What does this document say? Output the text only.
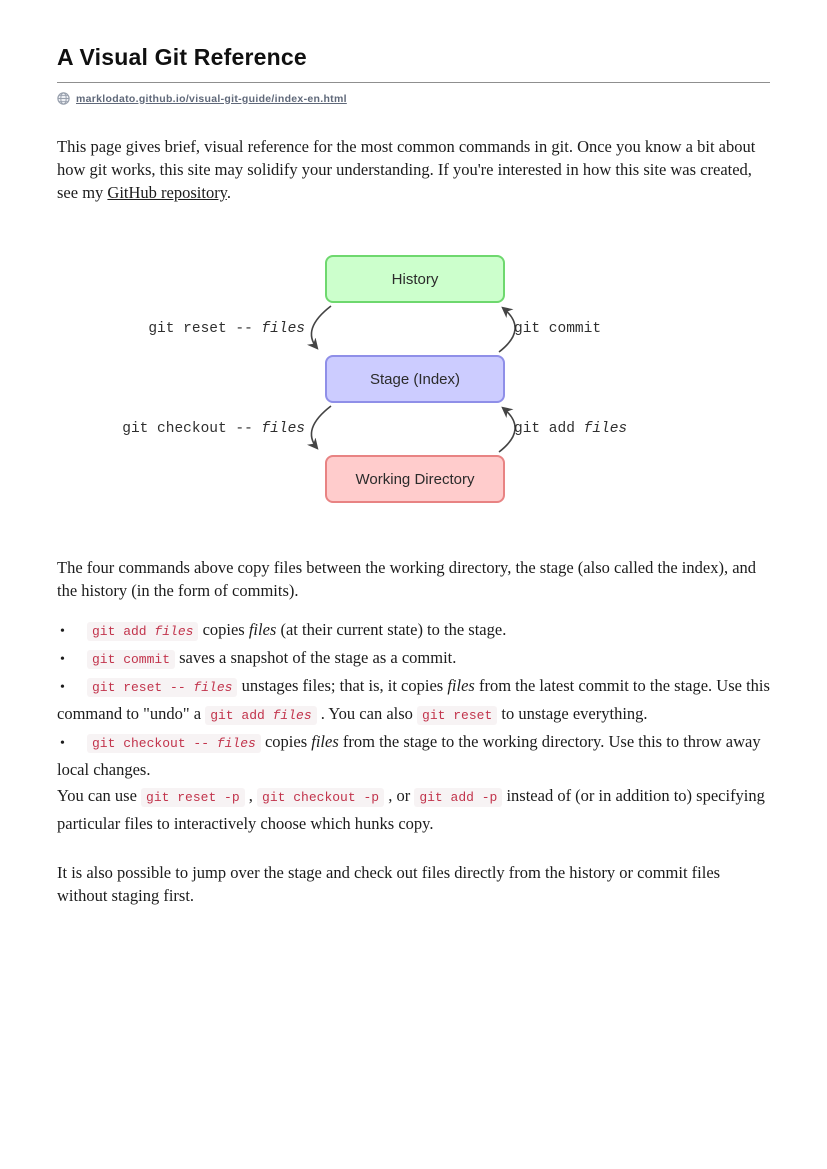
A Visual Git Reference
marklodato.github.io/visual-git-guide/index-en.html

This page gives brief, visual reference for the most common commands in git. Once you know a bit about how git works, this site may solidify your understanding. If you're interested in how this site was created, see my GitHub repository.

History
Stage (Index)
Working Directory
git reset -- files	git commit
git checkout -- files	git add files

The four commands above copy files between the working directory, the stage (also called the index), and the history (in the form of commits).

• git add files copies files (at their current state) to the stage.
• git commit saves a snapshot of the stage as a commit.
• git reset -- files unstages files; that is, it copies files from the latest commit to the stage. Use this command to "undo" a git add files . You can also git reset to unstage everything.
• git checkout -- files copies files from the stage to the working directory. Use this to throw away local changes.

You can use git reset -p , git checkout -p , or git add -p instead of (or in addition to) specifying particular files to interactively choose which hunks copy.

It is also possible to jump over the stage and check out files directly from the history or commit files without staging first.
